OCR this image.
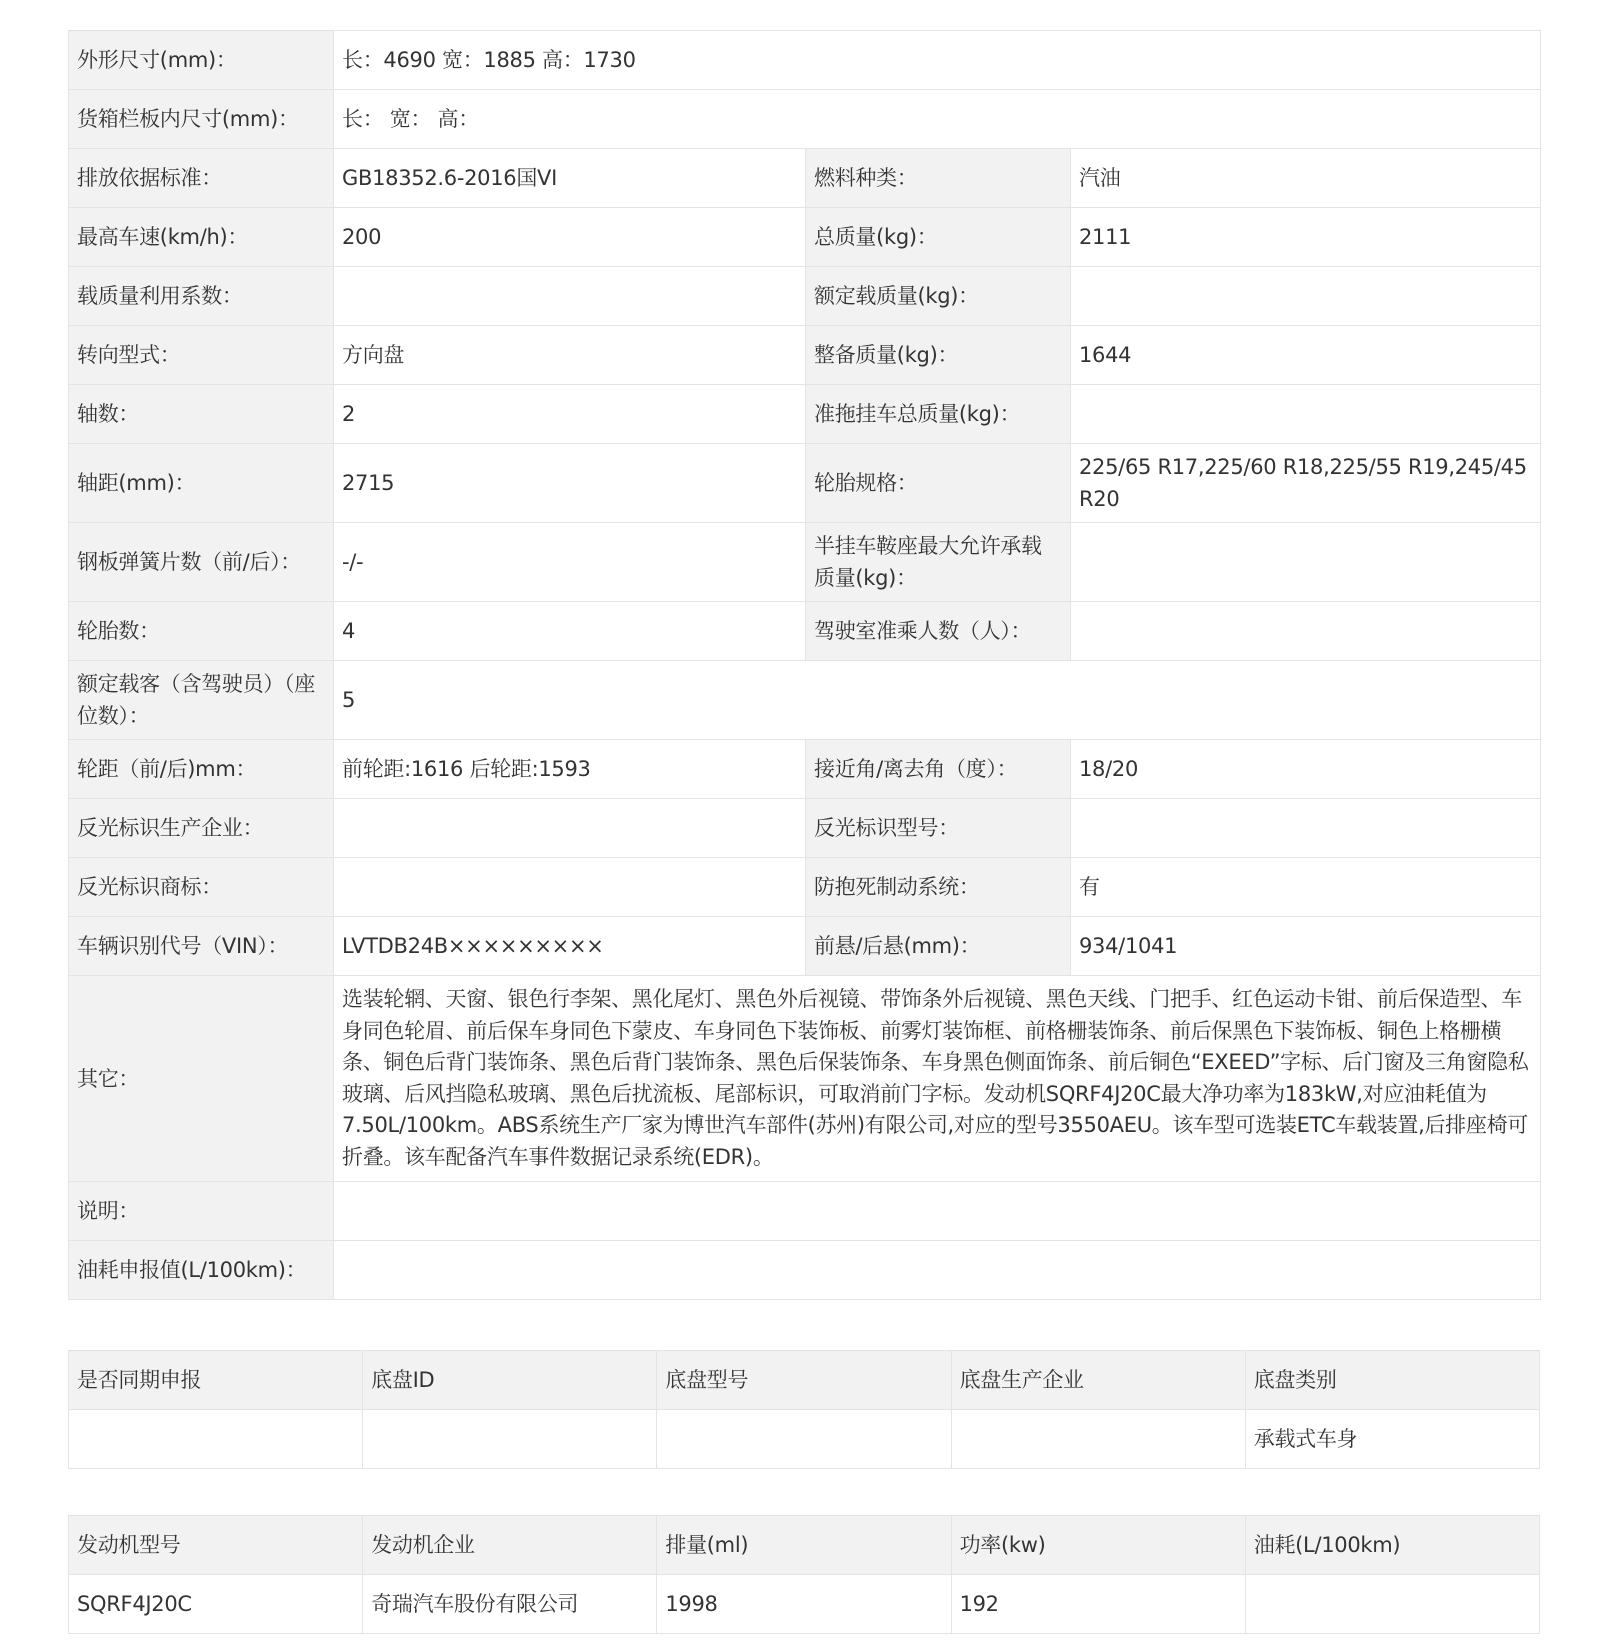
外形尺寸(mm)：	长：4690 宽：1885 高：1730		
货箱栏板内尺寸(mm)：	长： 宽： 高：		
排放依据标准：	GB18352.6-2016国VI	燃料种类：	汽油
最高车速(km/h)：	200	总质量(kg)：	2111
载质量利用系数：		额定载质量(kg)：	
转向型式：	方向盘	整备质量(kg)：	1644
轴数：	2	准拖挂车总质量(kg)：	
轴距(mm)：	2715	轮胎规格：	225/65 R17,225/60 R18,225/55 R19,245/45 R20
钢板弹簧片数（前/后）：	-/-	半挂车鞍座最大允许承载质量(kg)：	
轮胎数：	4	驾驶室准乘人数（人）：	
额定载客（含驾驶员）（座位数）：	5		
轮距（前/后)mm：	前轮距:1616 后轮距:1593	接近角/离去角（度）：	18/20
反光标识生产企业：		反光标识型号：	
反光标识商标：		防抱死制动系统：	有
车辆识别代号（VIN）：	LVTDB24B×××××××××	前悬/后悬(mm)：	934/1041
其它：	选装轮辋、天窗、银色行李架、黑化尾灯、黑色外后视镜、带饰条外后视镜、黑色天线、门把手、红色运动卡钳、前后保造型、车身同色轮眉、前后保车身同色下蒙皮、车身同色下装饰板、前雾灯装饰框、前格栅装饰条、前后保黑色下装饰板、铜色上格栅横条、铜色后背门装饰条、黑色后背门装饰条、黑色后保装饰条、车身黑色侧面饰条、前后铜色“EXEED”字标、后门窗及三角窗隐私玻璃、后风挡隐私玻璃、黑色后扰流板、尾部标识，可取消前门字标。发动机SQRF4J20C最大净功率为183kW,对应油耗值为7.50L/100km。ABS系统生产厂家为博世汽车部件(苏州)有限公司,对应的型号3550AEU。该车型可选装ETC车载装置,后排座椅可折叠。该车配备汽车事件数据记录系统(EDR)。		
说明：			
油耗申报值(L/100km)：			
是否同期申报	底盘ID	底盘型号	底盘生产企业	底盘类别
				承载式车身
发动机型号	发动机企业	排量(ml)	功率(kw)	油耗(L/100km)
SQRF4J20C	奇瑞汽车股份有限公司	1998	192	
